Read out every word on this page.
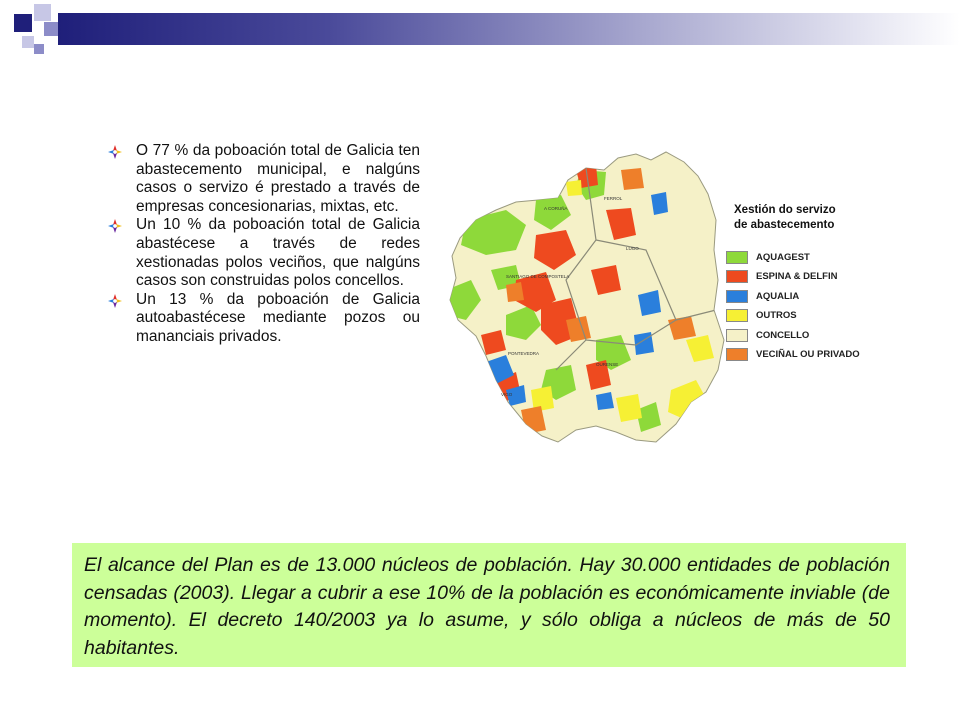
O 77 % da poboación total de Galicia ten abastecemento municipal, e nalgúns casos o servizo é prestado a través de empresas concesionarias, mixtas, etc.
Un 10 % da poboación total de Galicia abastécese a través de redes xestionadas polos veciños, que nalgúns casos son construidas polos concellos.
Un 13 % da poboación de Galicia autoabastécese mediante pozos ou mananciais privados.
FERROL
A CORUÑA
LUGO
SANTIAGO DE COMPOSTELA
PONTEVEDRA
OURENSE
VIGO
Xestión do servizo
de abastecemento
AQUAGEST
ESPINA & DELFIN
AQUALIA
OUTROS
CONCELLO
VECIÑAL OU PRIVADO
El alcance del Plan es de 13.000 núcleos de población. Hay 30.000 entidades de población censadas (2003). Llegar a cubrir a ese 10% de la población es económicamente inviable (de momento). El decreto 140/2003 ya lo asume, y sólo obliga a núcleos de más de 50 habitantes.
